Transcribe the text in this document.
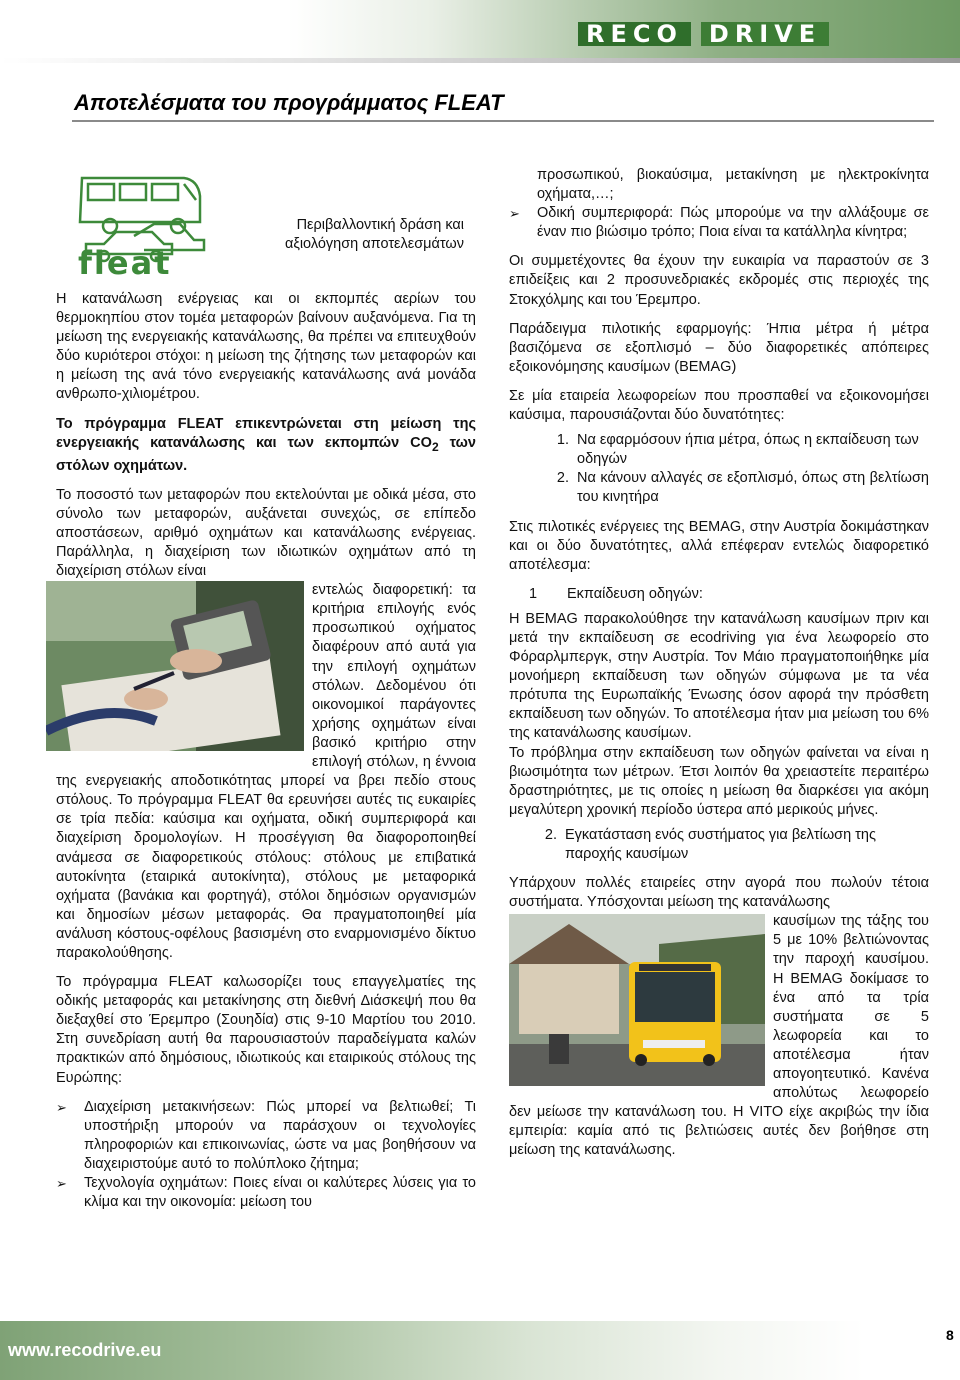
RECO	DRIVE
Αποτελέσματα του προγράμματος FLEAT
fleat
Περιβαλλοντική δράση και
αξιολόγηση αποτελεσμάτων

Η κατανάλωση ενέργειας και οι εκπομπές αερίων του θερμοκηπίου στον τομέα μεταφορών βαίνουν αυξανόμενα. Για τη μείωση της ενεργειακής κατανάλωσης, θα πρέπει να επιτευχθούν δύο κυριότεροι στόχοι: η μείωση της ζήτησης των μεταφορών και η μείωση της ανά τόνο ενεργειακής κατανάλωσης ανά μονάδα ανθρωπο-χιλιομέτρου.

Το πρόγραμμα FLEAT επικεντρώνεται στη μείωση της ενεργειακής κατανάλωσης και των εκπομπών $CO_2$ των στόλων οχημάτων.

Το ποσοστό των μεταφορών που εκτελούνται με οδικά μέσα, στο σύνολο των μεταφορών, αυξάνεται συνεχώς, σε επίπεδο αποστάσεων, αριθμό οχημάτων και κατανάλωσης ενέργειας. Παράλληλα, η διαχείριση των ιδιωτικών οχημάτων από τη διαχείριση στόλων είναι

εντελώς διαφορετική: τα κριτήρια επιλογής ενός προσωπικού οχήματος διαφέρουν από αυτά για την επιλογή οχημάτων στόλων. Δεδομένου ότι οικονομικοί παράγοντες χρήσης οχημάτων είναι βασικό κριτήριο στην επιλογή στόλων, η έννοια της ενεργειακής αποδοτικότητας μπορεί να βρει πεδίο στους στόλους. Το πρόγραμμα FLEAT θα ερευνήσει αυτές τις ευκαιρίες σε τρία πεδία: καύσιμα και οχήματα, οδική συμπεριφορά και διαχείριση δρομολογίων. Η προσέγγιση θα διαφοροποιηθεί ανάμεσα σε διαφορετικούς στόλους: στόλους με επιβατικά αυτοκίνητα (εταιρικά αυτοκίνητα), στόλους με μεταφορικά οχήματα (βανάκια και φορτηγά), στόλοι δημόσιων οργανισμών και δημοσίων μέσων μεταφοράς. Θα πραγματοποιηθεί μία ανάλυση κόστους-οφέλους βασισμένη στο εναρμονισμένο δίκτυο παρακολούθησης.

Το πρόγραμμα FLEAT καλωσορίζει τους επαγγελματίες της οδικής μεταφοράς και μετακίνησης στη διεθνή Διάσκεψή που θα διεξαχθεί στο Έρεμπρο (Σουηδία) στις 9-10 Μαρτίου του 2010. Στη συνεδρίαση αυτή θα παρουσιαστούν παραδείγματα καλών πρακτικών από δημόσιους, ιδιωτικούς και εταιρικούς στόλους της Ευρώπης:

➢	Διαχείριση μετακινήσεων: Πώς μπορεί να βελτιωθεί; Τι υποστήριξη μπορούν να παράσχουν οι τεχνολογίες πληροφοριών και επικοινωνίας, ώστε να μας βοηθήσουν να διαχειριστούμε αυτό το πολύπλοκο ζήτημα;

➢	Τεχνολογία οχημάτων: Ποιες είναι οι καλύτερες λύσεις για το κλίμα και την οικονομία: μείωση του

προσωπικού, βιοκαύσιμα, μετακίνηση με ηλεκτροκίνητα οχήματα,…;

➢	Οδική συμπεριφορά: Πώς μπορούμε να την αλλάξουμε σε έναν πιο βιώσιμο τρόπο; Ποια είναι τα κατάλληλα κίνητρα;

Οι συμμετέχοντες θα έχουν την ευκαιρία να παραστούν σε 3 επιδείξεις και 2 προσυνεδριακές εκδρομές στις περιοχές της Στοκχόλμης και του Έρεμπρο.

Παράδειγμα πιλοτικής εφαρμογής: Ήπια μέτρα ή μέτρα βασιζόμενα σε εξοπλισμό – δύο διαφορετικές απόπειρες εξοικονόμησης καυσίμων (BEMAG)

Σε μία εταιρεία λεωφορείων που προσπαθεί να εξοικονομήσει καύσιμα, παρουσιάζονται δύο δυνατότητες:

1. Να εφαρμόσουν ήπια μέτρα, όπως η εκπαίδευση των οδηγών

2. Να κάνουν αλλαγές σε εξοπλισμό, όπως στη βελτίωση του κινητήρα

Στις πιλοτικές ενέργειες της BEMAG, στην Αυστρία δοκιμάστηκαν και οι δύο δυνατότητες, αλλά επέφεραν εντελώς διαφορετικό αποτέλεσμα:

1	Εκπαίδευση οδηγών:

Η BEMAG παρακολούθησε την κατανάλωση καυσίμων πριν και μετά την εκπαίδευση σε ecodriving για ένα λεωφορείο στο Φόραρλμπεργκ, στην Αυστρία. Τον Μάιο πραγματοποιήθηκε μία μονοήμερη εκπαίδευση των οδηγών σύμφωνα με τα νέα πρότυπα της Ευρωπαϊκής Ένωσης όσον αφορά την πρόσθετη εκπαίδευση των οδηγών. Το αποτέλεσμα ήταν μια μείωση του 6% της κατανάλωσης καυσίμων.

Το πρόβλημα στην εκπαίδευση των οδηγών φαίνεται να είναι η βιωσιμότητα των μέτρων. Έτσι λοιπόν θα χρειαστείτε περαιτέρω δραστηριότητες, με τις οποίες η μείωση θα διαρκέσει για ακόμη μεγαλύτερη χρονική περίοδο ύστερα από μερικούς μήνες.

2. Εγκατάσταση ενός συστήματος για βελτίωση της παροχής καυσίμων

Υπάρχουν πολλές εταιρείες στην αγορά που πωλούν τέτοια συστήματα. Υπόσχονται μείωση της κατανάλωσης

καυσίμων της τάξης του 5 με 10% βελτιώνοντας την παροχή καυσίμου. Η BEMAG δοκίμασε το ένα από τα τρία συστήματα σε 5 λεωφορεία και το αποτέλεσμα ήταν απογοητευτικό. Κανένα απολύτως λεωφορείο δεν μείωσε την κατανάλωση του. Η VITO είχε ακριβώς την ίδια εμπειρία: καμία από τις βελτιώσεις αυτές δεν βοήθησε στη μείωση της κατανάλωσης.

www.recodrive.eu
8
